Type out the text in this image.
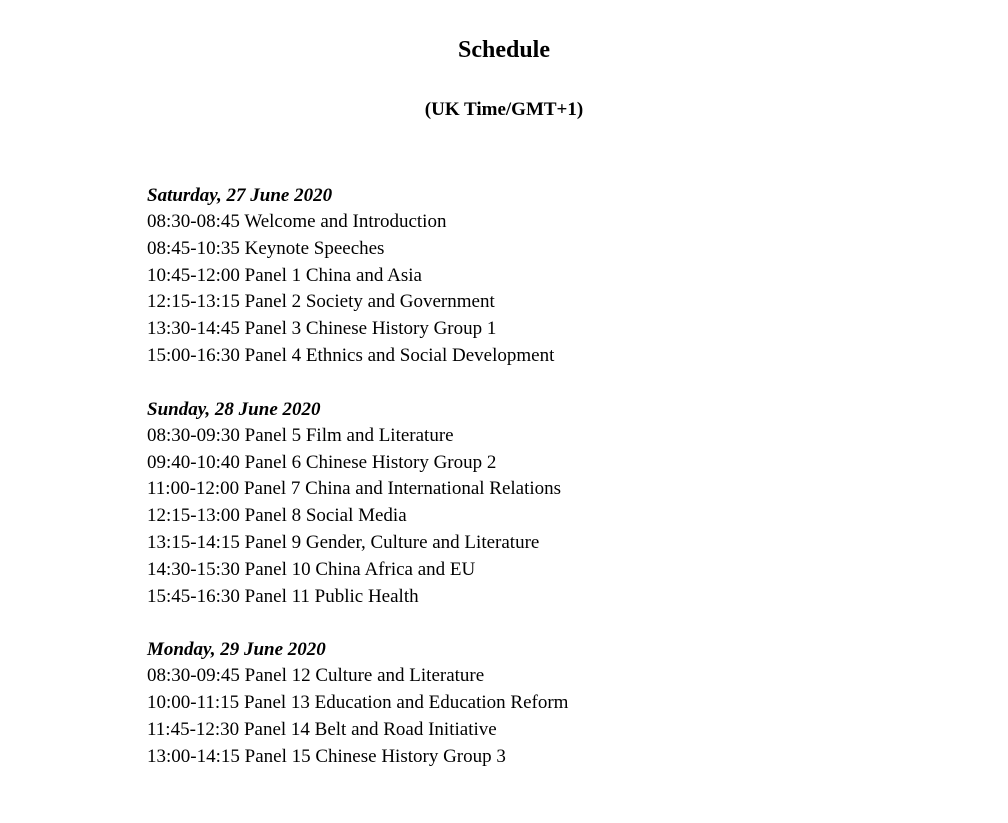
Schedule
(UK Time/GMT+1)
Saturday, 27 June 2020
08:30-08:45 Welcome and Introduction
08:45-10:35 Keynote Speeches
10:45-12:00 Panel 1 China and Asia
12:15-13:15 Panel 2 Society and Government
13:30-14:45 Panel 3 Chinese History Group 1
15:00-16:30 Panel 4 Ethnics and Social Development
Sunday, 28 June 2020
08:30-09:30 Panel 5 Film and Literature
09:40-10:40 Panel 6 Chinese History Group 2
11:00-12:00 Panel 7 China and International Relations
12:15-13:00 Panel 8 Social Media
13:15-14:15 Panel 9 Gender, Culture and Literature
14:30-15:30 Panel 10 China Africa and EU
15:45-16:30 Panel 11 Public Health
Monday, 29 June 2020
08:30-09:45 Panel 12 Culture and Literature
10:00-11:15 Panel 13 Education and Education Reform
11:45-12:30 Panel 14 Belt and Road Initiative
13:00-14:15 Panel 15 Chinese History Group 3
